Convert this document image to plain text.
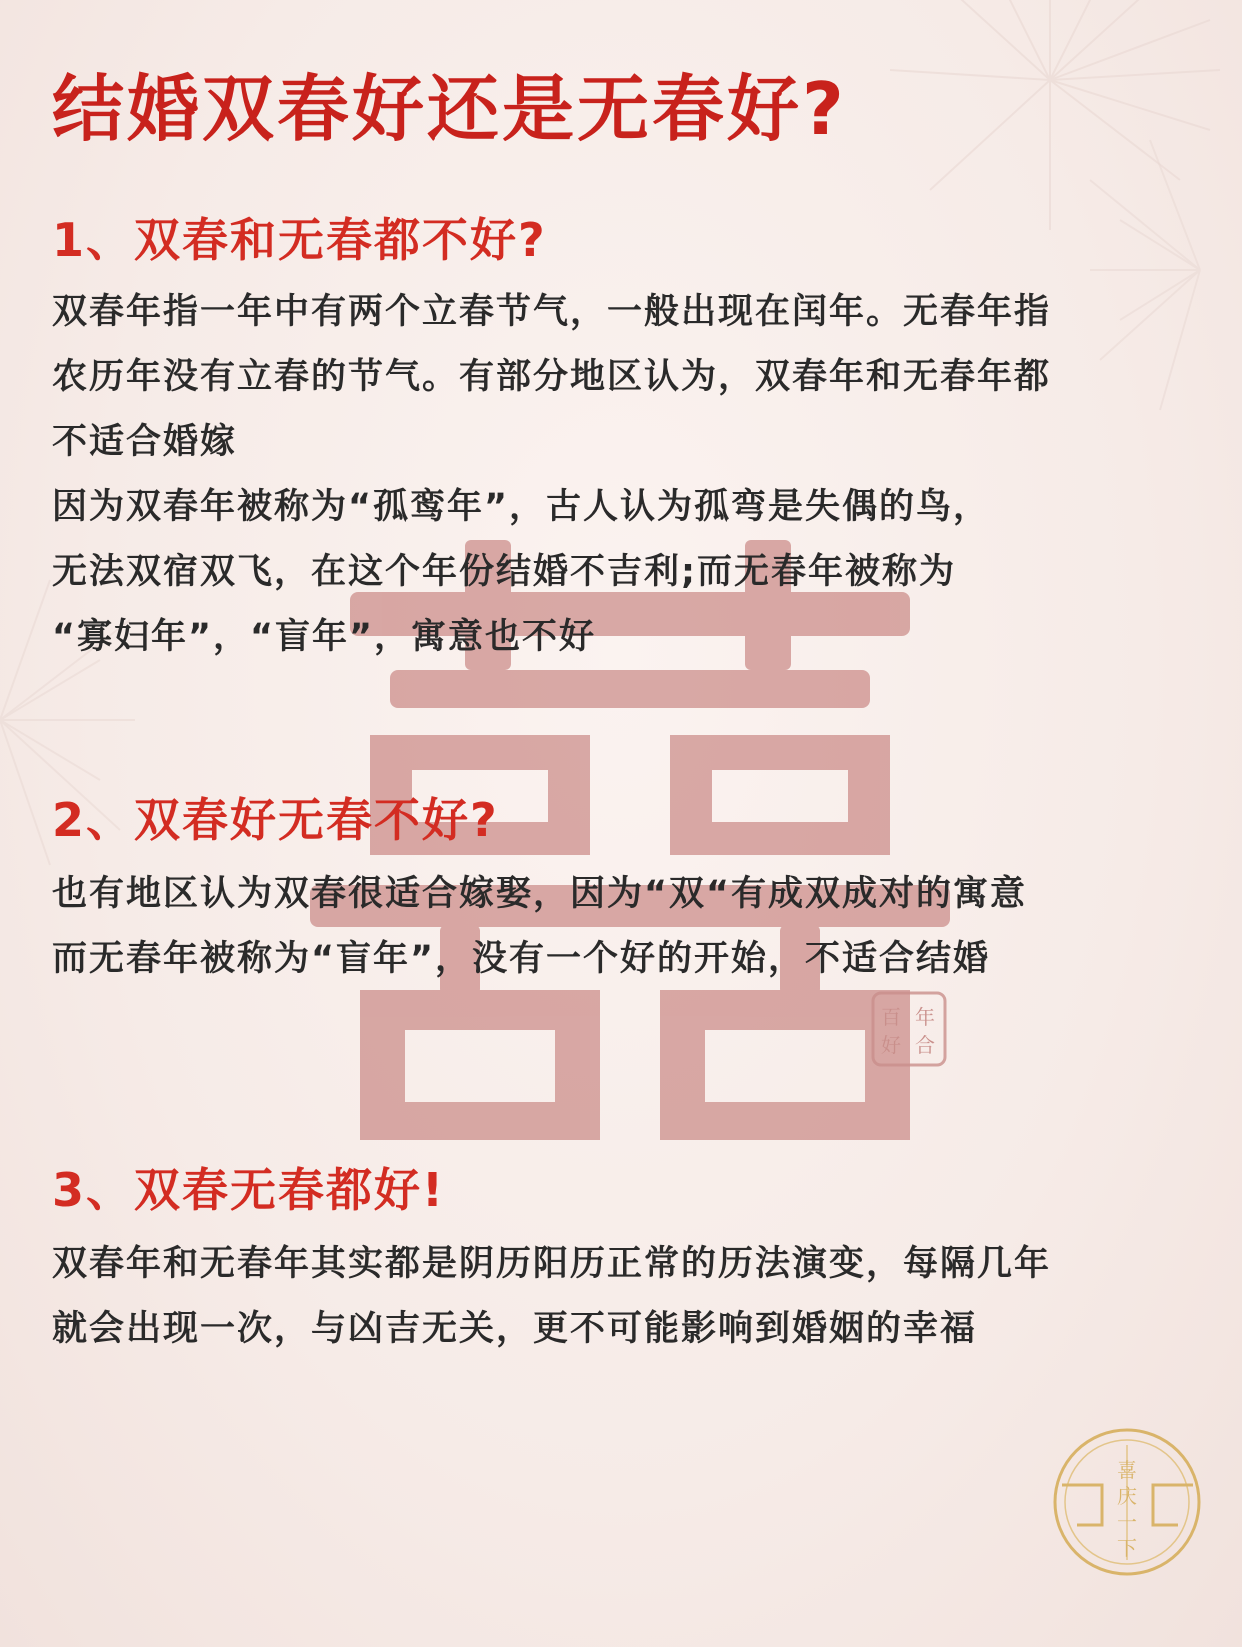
百 年
好 合
喜
庆
一
下
结婚双春好还是无春好?
1、双春和无春都不好?

双春年指一年中有两个立春节气，一般出现在闰年。无春年指

农历年没有立春的节气。有部分地区认为，双春年和无春年都

不适合婚嫁

因为双春年被称为“孤鸾年”，古人认为孤弯是失偶的鸟，

无法双宿双飞，在这个年份结婚不吉利;而无春年被称为

“寡妇年”，“盲年”，寓意也不好

2、双春好无春不好?

也有地区认为双春很适合嫁娶，因为“双“有成双成对的寓意

而无春年被称为“盲年”，没有一个好的开始，不适合结婚

3、双春无春都好!

双春年和无春年其实都是阴历阳历正常的历法演变，每隔几年

就会出现一次，与凶吉无关，更不可能影响到婚姻的幸福
